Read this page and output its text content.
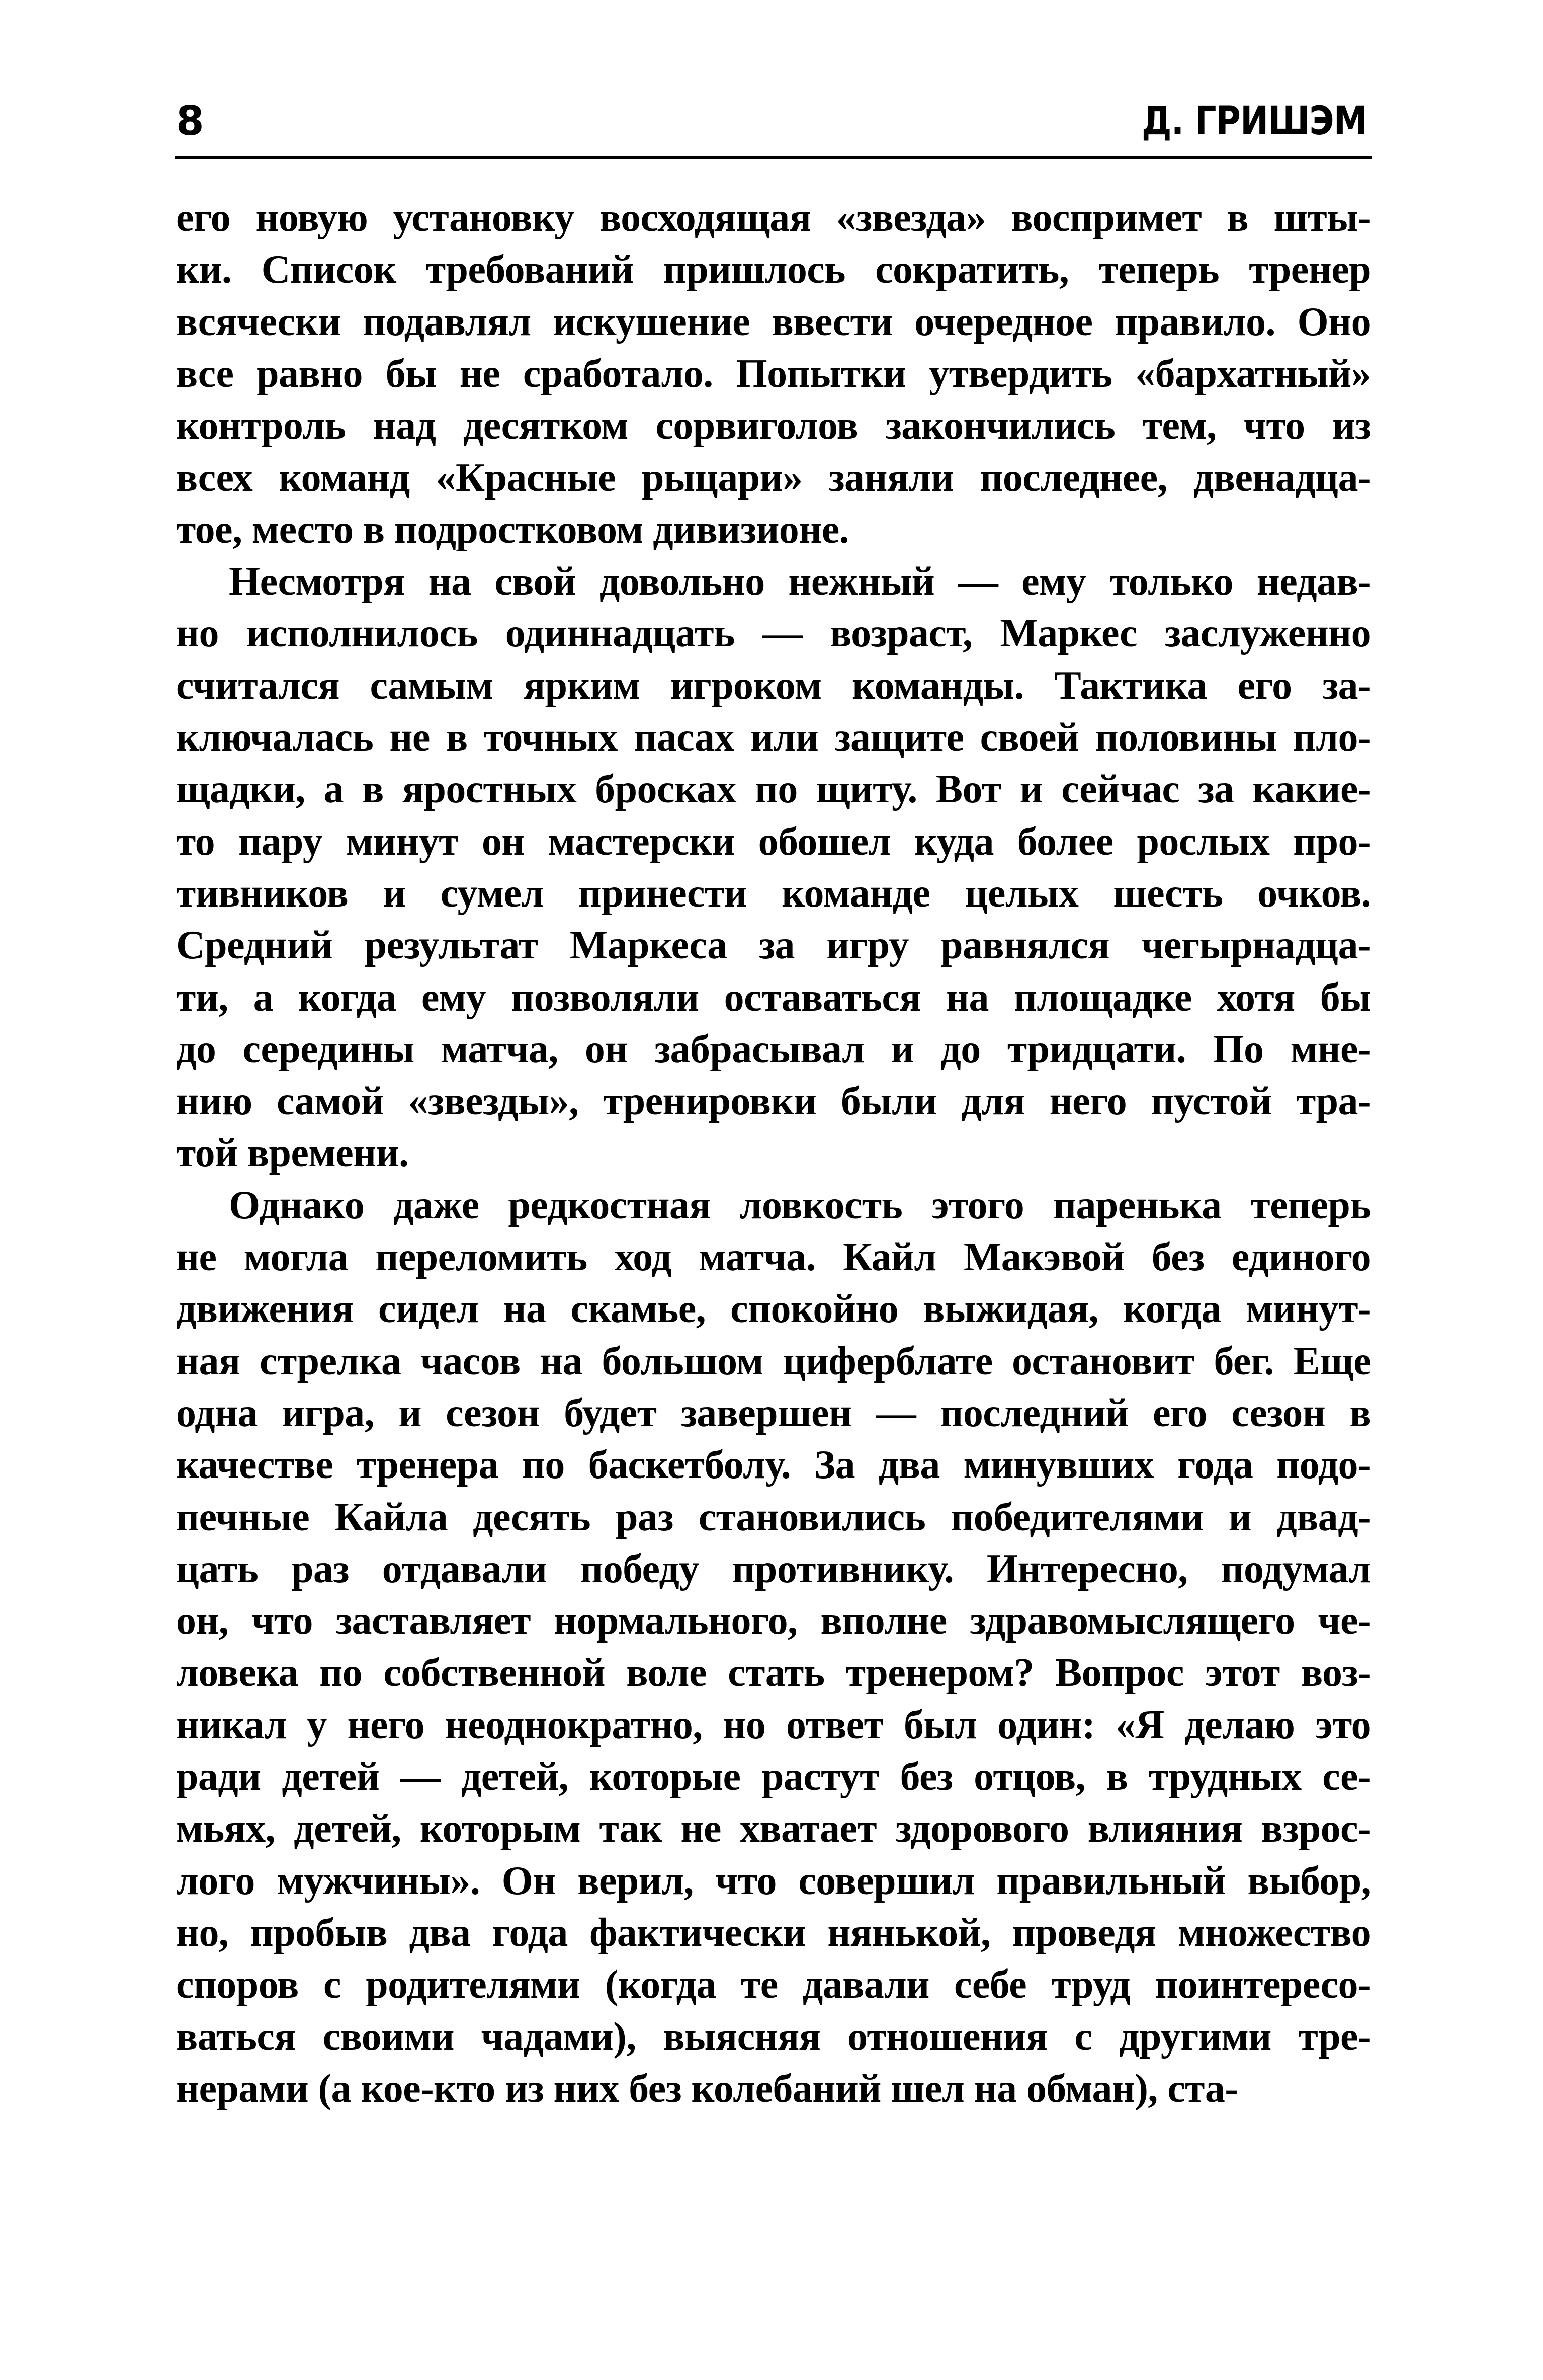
8	Д. ГРИШЭМ
его новую установку восходящая «звезда» воспримет в шты-
ки. Список требований пришлось сократить, теперь тренер
всячески подавлял искушение ввести очередное правило. Оно
все равно бы не сработало. Попытки утвердить «бархатный»
контроль над десятком сорвиголов закончились тем, что из
всех команд «Красные рыцари» заняли последнее, двенадца-
тое, место в подростковом дивизионе.
Несмотря на свой довольно нежный — ему только недав-
но исполнилось одиннадцать — возраст, Маркес заслуженно
считался самым ярким игроком команды. Тактика его за-
ключалась не в точных пасах или защите своей половины пло-
щадки, а в яростных бросках по щиту. Вот и сейчас за какие-
то пару минут он мастерски обошел куда более рослых про-
тивников и сумел принести команде целых шесть очков.
Средний результат Маркеса за игру равнялся чегырнадца-
ти, а когда ему позволяли оставаться на площадке хотя бы
до середины матча, он забрасывал и до тридцати. По мне-
нию самой «звезды», тренировки были для него пустой тра-
той времени.
Однако даже редкостная ловкость этого паренька теперь
не могла переломить ход матча. Кайл Макэвой без единого
движения сидел на скамье, спокойно выжидая, когда минут-
ная стрелка часов на большом циферблате остановит бег. Еще
одна игра, и сезон будет завершен — последний его сезон в
качестве тренера по баскетболу. За два минувших года подо-
печные Кайла десять раз становились победителями и двад-
цать раз отдавали победу противнику. Интересно, подумал
он, что заставляет нормального, вполне здравомыслящего че-
ловека по собственной воле стать тренером? Вопрос этот воз-
никал у него неоднократно, но ответ был один: «Я делаю это
ради детей — детей, которые растут без отцов, в трудных се-
мьях, детей, которым так не хватает здорового влияния взрос-
лого мужчины». Он верил, что совершил правильный выбор,
но, пробыв два года фактически нянькой, проведя множество
споров с родителями (когда те давали себе труд поинтересо-
ваться своими чадами), выясняя отношения с другими тре-
нерами (а кое-кто из них без колебаний шел на обман), ста-
